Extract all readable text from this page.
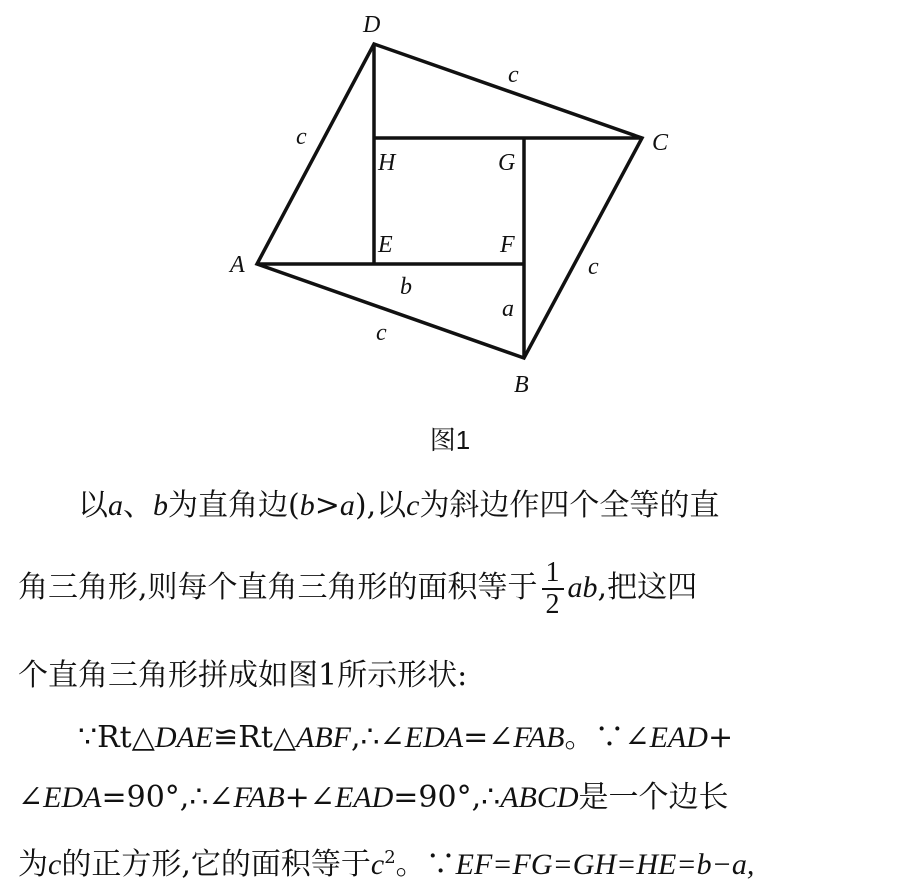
D
C
A
B
H	G
E	F
c
c
c
c
b
a
图1
以a、b为直角边(b>a),以c为斜边作四个全等的直
角三角形,则每个直角三角形的面积等于 $\frac{1}{2}$ ab,把这四
个直角三角形拼成如图1所示形状:
∵Rt△DAE≌Rt△ABF,∴∠EDA=∠FAB。∵∠EAD+
∠EDA=90°,∴∠FAB+∠EAD=90°,∴ABCD是一个边长
为c的正方形,它的面积等于$c^2$。∵EF=FG=GH=HE=b−a,
